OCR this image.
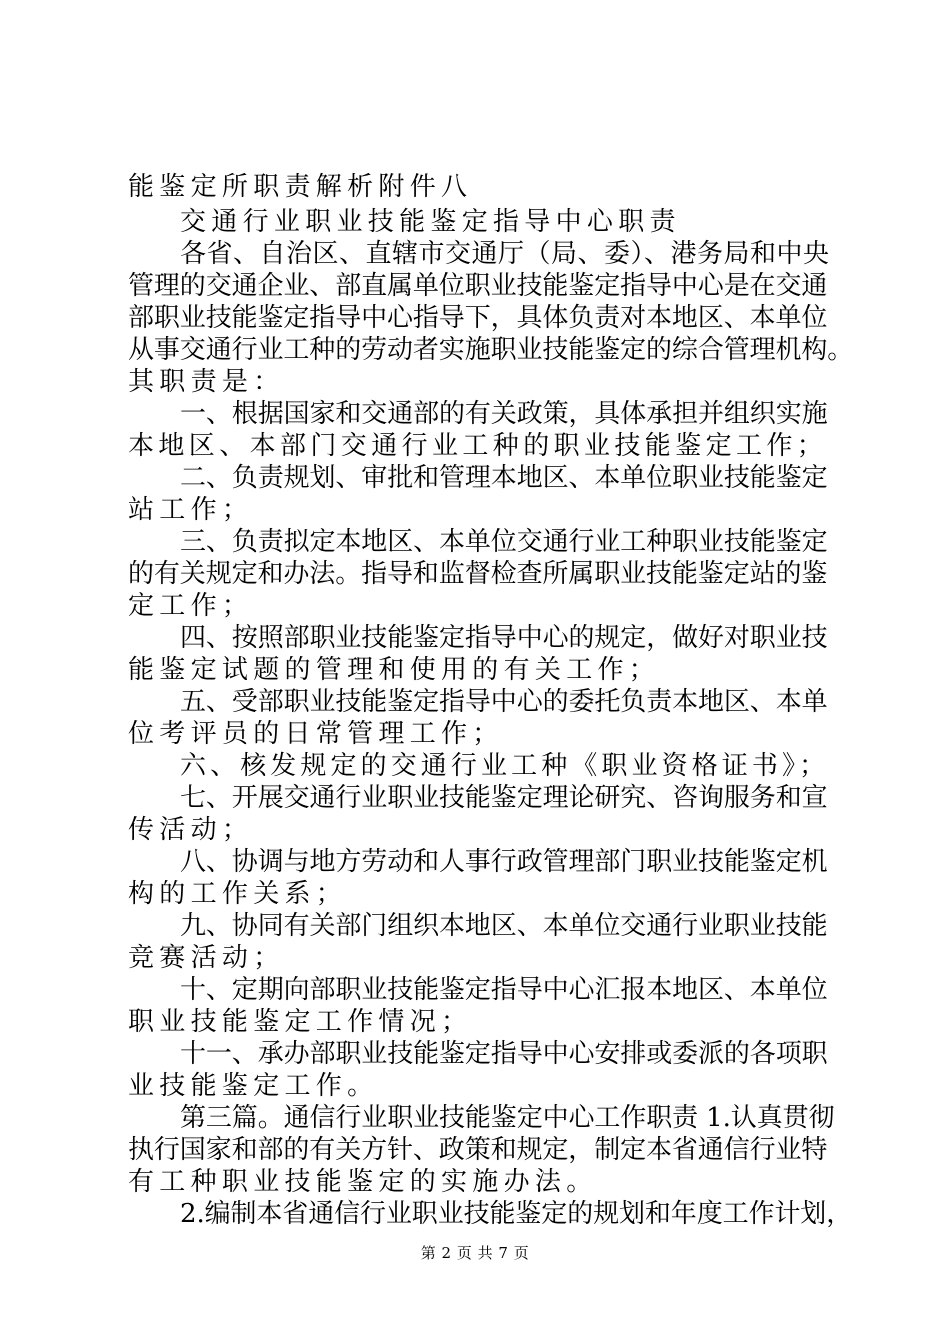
能鉴定所职责解析附件八
交通行业职业技能鉴定指导中心职责
各省、自治区、直辖市交通厅（局、委）、港务局和中央
管理的交通企业、部直属单位职业技能鉴定指导中心是在交通
部职业技能鉴定指导中心指导下，具体负责对本地区、本单位
从事交通行业工种的劳动者实施职业技能鉴定的综合管理机构。
其职责是：
一、根据国家和交通部的有关政策，具体承担并组织实施
本地区、本部门交通行业工种的职业技能鉴定工作；
二、负责规划、审批和管理本地区、本单位职业技能鉴定
站工作；
三、负责拟定本地区、本单位交通行业工种职业技能鉴定
的有关规定和办法。指导和监督检查所属职业技能鉴定站的鉴
定工作；
四、按照部职业技能鉴定指导中心的规定，做好对职业技
能鉴定试题的管理和使用的有关工作；
五、受部职业技能鉴定指导中心的委托负责本地区、本单
位考评员的日常管理工作；
六、核发规定的交通行业工种《职业资格证书》；
七、开展交通行业职业技能鉴定理论研究、咨询服务和宣
传活动；
八、协调与地方劳动和人事行政管理部门职业技能鉴定机
构的工作关系；
九、协同有关部门组织本地区、本单位交通行业职业技能
竞赛活动；
十、定期向部职业技能鉴定指导中心汇报本地区、本单位
职业技能鉴定工作情况；
十一、承办部职业技能鉴定指导中心安排或委派的各项职
业技能鉴定工作。
第三篇。通信行业职业技能鉴定中心工作职责 1.认真贯彻
执行国家和部的有关方针、政策和规定，制定本省通信行业特
有工种职业技能鉴定的实施办法。
2.编制本省通信行业职业技能鉴定的规划和年度工作计划，
第 2 页 共 7 页
